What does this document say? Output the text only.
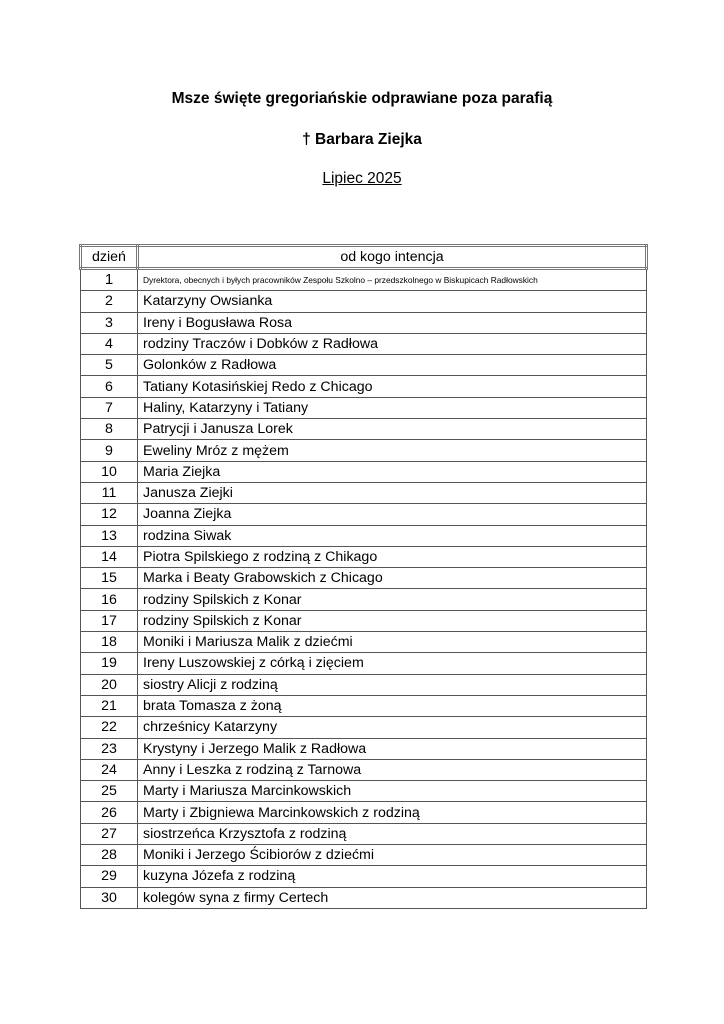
Msze święte gregoriańskie odprawiane poza parafią
† Barbara Ziejka

Lipiec 2025

dzień	od kogo intencja
1	Dyrektora, obecnych i byłych pracowników Zespołu Szkolno – przedszkolnego w Biskupicach Radłowskich
2	Katarzyny Owsianka
3	Ireny i Bogusława Rosa
4	rodziny Traczów i Dobków z Radłowa
5	Golonków z Radłowa
6	Tatiany Kotasińskiej Redo z Chicago
7	Haliny, Katarzyny i Tatiany
8	Patrycji i Janusza Lorek
9	Eweliny Mróz z mężem
10	Maria Ziejka
11	Janusza Ziejki
12	Joanna Ziejka
13	rodzina Siwak
14	Piotra Spilskiego z rodziną z Chikago
15	Marka i Beaty Grabowskich z Chicago
16	rodziny Spilskich z Konar
17	rodziny Spilskich z Konar
18	Moniki i Mariusza Malik z dziećmi
19	Ireny Luszowskiej z córką i zięciem
20	siostry Alicji z rodziną
21	brata Tomasza z żoną
22	chrześnicy Katarzyny
23	Krystyny i Jerzego Malik z Radłowa
24	Anny i Leszka z rodziną z Tarnowa
25	Marty i Mariusza Marcinkowskich
26	Marty i Zbigniewa Marcinkowskich z rodziną
27	siostrzeńca Krzysztofa z rodziną
28	Moniki i Jerzego Ścibiorów z dziećmi
29	kuzyna Józefa z rodziną
30	kolegów syna z firmy Certech
